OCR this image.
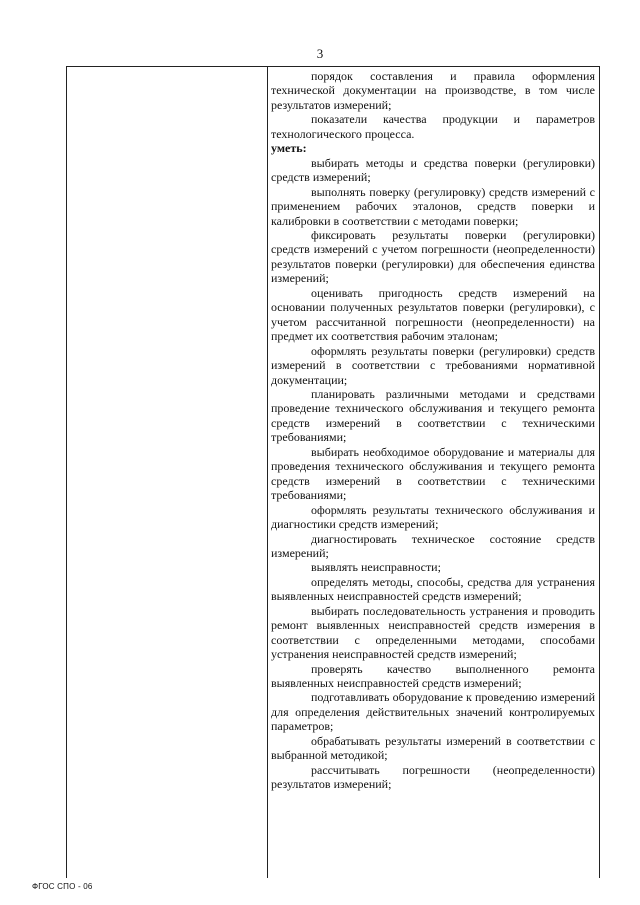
3

порядок составления и правила оформления технической документации на производстве, в том числе результатов измерений;

показатели качества продукции и параметров технологического процесса.

уметь:

выбирать методы и средства поверки (регулировки) средств измерений;

выполнять поверку (регулировку) средств измерений с применением рабочих эталонов, средств поверки и калибровки в соответствии с методами поверки;

фиксировать результаты поверки (регулировки) средств измерений с учетом погрешности (неопределенности) результатов поверки (регулировки) для обеспечения единства измерений;

оценивать пригодность средств измерений на основании полученных результатов поверки (регулировки), с учетом рассчитанной погрешности (неопределенности) на предмет их соответствия рабочим эталонам;

оформлять результаты поверки (регулировки) средств измерений в соответствии с требованиями нормативной документации;

планировать различными методами и средствами проведение технического обслуживания и текущего ремонта средств измерений в соответствии с техническими требованиями;

выбирать необходимое оборудование и материалы для проведения технического обслуживания и текущего ремонта средств измерений в соответствии с техническими требованиями;

оформлять результаты технического обслуживания и диагностики средств измерений;

диагностировать техническое состояние средств измерений;

выявлять неисправности;

определять методы, способы, средства для устранения выявленных неисправностей средств измерений;

выбирать последовательность устранения и проводить ремонт выявленных неисправностей средств измерения в соответствии с определенными методами, способами устранения неисправностей средств измерений;

проверять качество выполненного ремонта выявленных неисправностей средств измерений;

подготавливать оборудование к проведению измерений для определения действительных значений контролируемых параметров;

обрабатывать результаты измерений в соответствии с выбранной методикой;

рассчитывать погрешности (неопределенности) результатов измерений;

ФГОС СПО - 06
